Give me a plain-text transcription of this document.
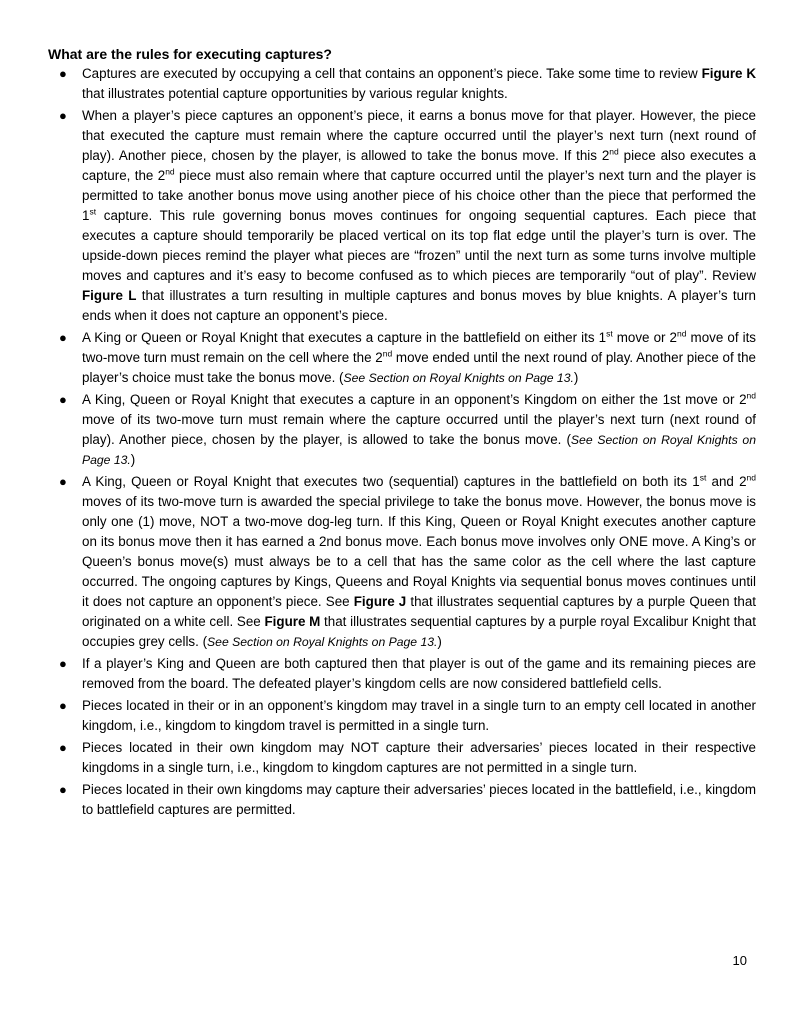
What are the rules for executing captures?

● Captures are executed by occupying a cell that contains an opponent’s piece. Take some time to review Figure K that illustrates potential capture opportunities by various regular knights.
● When a player’s piece captures an opponent’s piece, it earns a bonus move for that player. However, the piece that executed the capture must remain where the capture occurred until the player’s next turn (next round of play). Another piece, chosen by the player, is allowed to take the bonus move. If this 2nd piece also executes a capture, the 2nd piece must also remain where that capture occurred until the player’s next turn and the player is permitted to take another bonus move using another piece of his choice other than the piece that performed the 1st capture. This rule governing bonus moves continues for ongoing sequential captures. Each piece that executes a capture should temporarily be placed vertical on its top flat edge until the player’s turn is over. The upside-down pieces remind the player what pieces are “frozen” until the next turn as some turns involve multiple moves and captures and it’s easy to become confused as to which pieces are temporarily “out of play”. Review Figure L that illustrates a turn resulting in multiple captures and bonus moves by blue knights. A player’s turn ends when it does not capture an opponent’s piece.
● A King or Queen or Royal Knight that executes a capture in the battlefield on either its 1st move or 2nd move of its two-move turn must remain on the cell where the 2nd move ended until the next round of play. Another piece of the player’s choice must take the bonus move. (See Section on Royal Knights on Page 13.)
● A King, Queen or Royal Knight that executes a capture in an opponent’s Kingdom on either the 1st move or 2nd move of its two-move turn must remain where the capture occurred until the player’s next turn (next round of play). Another piece, chosen by the player, is allowed to take the bonus move. (See Section on Royal Knights on Page 13.)
● A King, Queen or Royal Knight that executes two (sequential) captures in the battlefield on both its 1st and 2nd moves of its two-move turn is awarded the special privilege to take the bonus move. However, the bonus move is only one (1) move, NOT a two-move dog-leg turn. If this King, Queen or Royal Knight executes another capture on its bonus move then it has earned a 2nd bonus move. Each bonus move involves only ONE move. A King’s or Queen’s bonus move(s) must always be to a cell that has the same color as the cell where the last capture occurred. The ongoing captures by Kings, Queens and Royal Knights via sequential bonus moves continues until it does not capture an opponent’s piece. See Figure J that illustrates sequential captures by a purple Queen that originated on a white cell. See Figure M that illustrates sequential captures by a purple royal Excalibur Knight that occupies grey cells. (See Section on Royal Knights on Page 13.)
● If a player’s King and Queen are both captured then that player is out of the game and its remaining pieces are removed from the board. The defeated player’s kingdom cells are now considered battlefield cells.
● Pieces located in their or in an opponent’s kingdom may travel in a single turn to an empty cell located in another kingdom, i.e., kingdom to kingdom travel is permitted in a single turn.
● Pieces located in their own kingdom may NOT capture their adversaries’ pieces located in their respective kingdoms in a single turn, i.e., kingdom to kingdom captures are not permitted in a single turn.
● Pieces located in their own kingdoms may capture their adversaries’ pieces located in the battlefield, i.e., kingdom to battlefield captures are permitted.

10
